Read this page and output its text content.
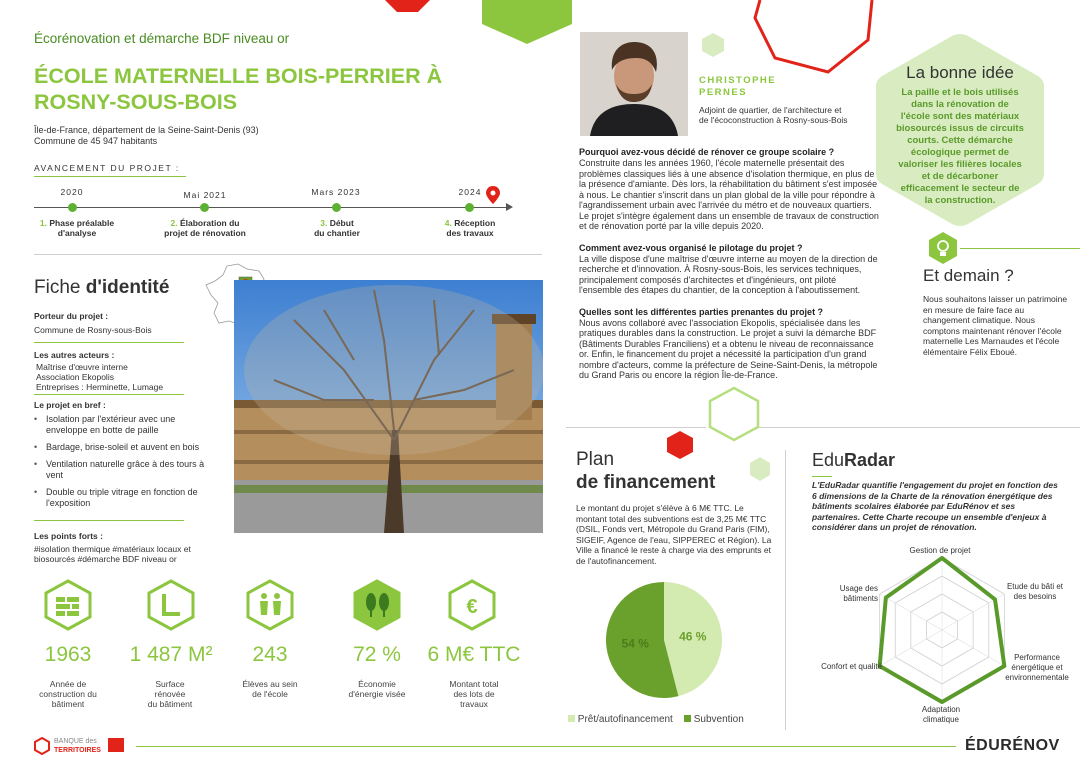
Écorénovation et démarche BDF niveau or
ÉCOLE MATERNELLE BOIS-PERRIER À
ROSNY-SOUS-BOIS
Île-de-France, département de la Seine-Saint-Denis (93)
Commune de 45 947 habitants
AVANCEMENT DU PROJET :
2020
1. Phase préalable
d'analyse
Mai 2021
2. Élaboration du
projet de rénovation
Mars 2023
3. Début
du chantier
2024
4. Réception
des travaux
Fiche d'identité
Porteur du projet :
Commune de Rosny-sous-Bois
Les autres acteurs :
Maîtrise d'œuvre interne
Association Ekopolis
Entreprises : Herminette, Lumage
Le projet en bref :
• Isolation par l'extérieur avec une enveloppe en botte de paille
• Bardage, brise-soleil et auvent en bois
• Ventilation naturelle grâce à des tours à vent
• Double ou triple vitrage en fonction de l'exposition
Les points forts :
#isolation thermique #matériaux locaux et biosourcés #démarche BDF niveau or
€
1963
Année de
construction du
bâtiment
1 487 M²
Surface
rénovée
du bâtiment
243
Élèves au sein
de l'école
72 %
Économie
d'énergie visée
6 M€ TTC
Montant total
des lots de
travaux
CHRISTOPHE
PERNES
Adjoint de quartier, de l'architecture et de l'écoconstruction à Rosny-sous-Bois
Pourquoi avez-vous décidé de rénover ce groupe scolaire ?
Construite dans les années 1960, l'école maternelle présentait des problèmes classiques liés à une absence d'isolation thermique, en plus de la présence d'amiante. Dès lors, la réhabilitation du bâtiment s'est imposée à nous. Le chantier s'inscrit dans un plan global de la ville pour répondre à l'agrandissement urbain avec l'arrivée du métro et de nouveaux quartiers. Le projet s'intègre également dans un ensemble de travaux de construction et de rénovation porté par la ville depuis 2020.
Comment avez-vous organisé le pilotage du projet ?
La ville dispose d'une maîtrise d'œuvre interne au moyen de la direction de recherche et d'innovation. À Rosny-sous-Bois, les services techniques, principalement composés d'architectes et d'ingénieurs, ont piloté l'ensemble des étapes du chantier, de la conception à l'aboutissement.
Quelles sont les différentes parties prenantes du projet ?
Nous avons collaboré avec l'association Ekopolis, spécialisée dans les pratiques durables dans la construction. Le projet a suivi la démarche BDF (Bâtiments Durables Franciliens) et a obtenu le niveau de reconnaissance or. Enfin, le financement du projet a nécessité la participation d'un grand nombre d'acteurs, comme la préfecture de Seine-Saint-Denis, la métropole du Grand Paris ou encore la région Île-de-France.
La bonne idée
La paille et le bois utilisés dans la rénovation de l'école sont des matériaux biosourcés issus de circuits courts. Cette démarche écologique permet de valoriser les filières locales et de décarboner efficacement le secteur de la construction.
Et demain ?
Nous souhaitons laisser un patrimoine en mesure de faire face au changement climatique. Nous comptons maintenant rénover l'école maternelle Les Marnaudes et l'école élémentaire Félix Eboué.
Plan
de financement
Le montant du projet s'élève à 6 M€ TTC. Le montant total des subventions est de 3,25 M€ TTC (DSIL, Fonds vert, Métropole du Grand Paris (FIM), SIGEIF, Agence de l'eau, SIPPEREC et Région). La Ville a financé le reste à charge via des emprunts et de l'autofinancement.
46 %
54 %
Prêt/autofinancement Subvention
EduRadar
L'EduRadar quantifie l'engagement du projet en fonction des 6 dimensions de la Charte de la rénovation énergétique des bâtiments scolaires élaborée par EduRénov et ses partenaires. Cette Charte recoupe un ensemble d'enjeux à considérer dans un projet de rénovation.
Gestion de projet
Etude du bâti et des besoins
Performance énergétique et environnementale
Adaptation climatique
Confort et qualité
Usage des bâtiments
BANQUE des
TERRITOIRES	ÉDURÉNOV
